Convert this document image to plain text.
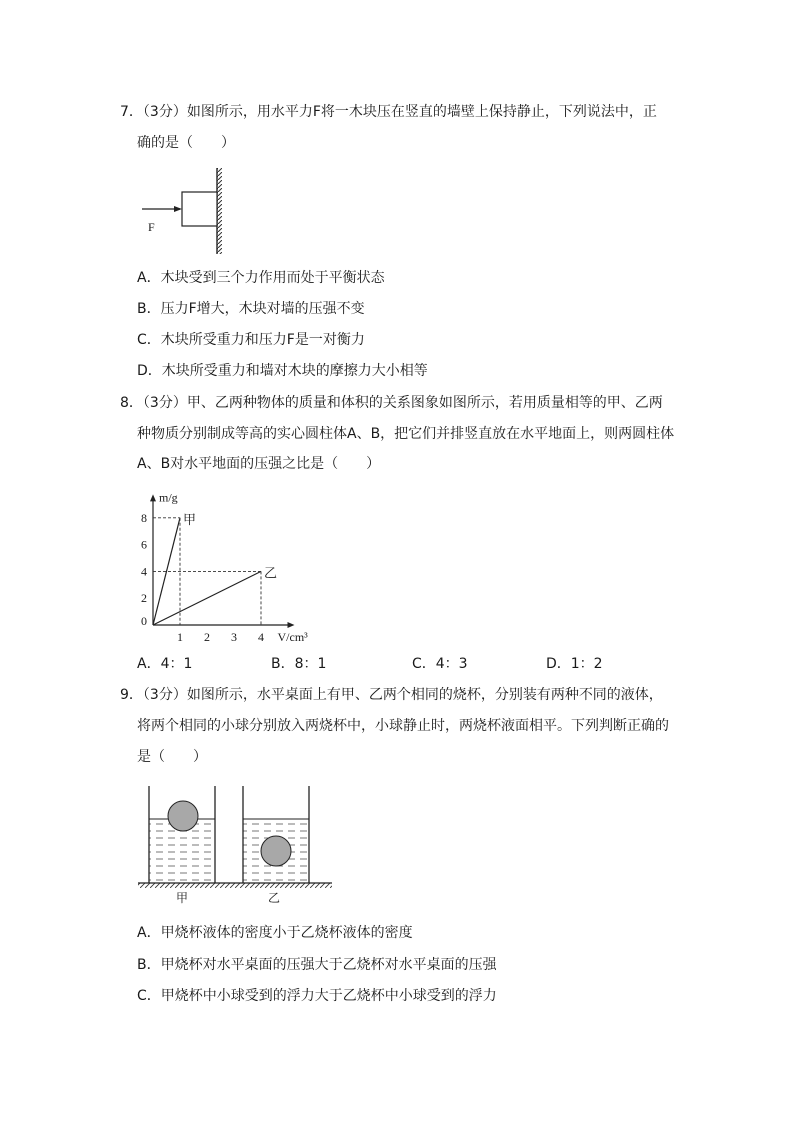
7．（3分）如图所示，用水平力F将一木块压在竖直的墙壁上保持静止，下列说法中，正
确的是（　　）
F
A．木块受到三个力作用而处于平衡状态
B．压力F增大，木块对墙的压强不变
C．木块所受重力和压力F是一对衡力
D．木块所受重力和墙对木块的摩擦力大小相等
8．（3分）甲、乙两种物体的质量和体积的关系图象如图所示，若用质量相等的甲、乙两
种物质分别制成等高的实心圆柱体A、B，把它们并排竖直放在水平地面上，则两圆柱体
A、B对水平地面的压强之比是（　　）
m/g
V/cm³
0
2
4
6
8
1 2 3 4
甲
乙
A．4：1	B．8：1	C．4：3	D．1：2
9．（3分）如图所示，水平桌面上有甲、乙两个相同的烧杯，分别装有两种不同的液体，
将两个相同的小球分别放入两烧杯中，小球静止时，两烧杯液面相平。下列判断正确的
是（　　）
甲	乙
A．甲烧杯液体的密度小于乙烧杯液体的密度
B．甲烧杯对水平桌面的压强大于乙烧杯对水平桌面的压强
C．甲烧杯中小球受到的浮力大于乙烧杯中小球受到的浮力
